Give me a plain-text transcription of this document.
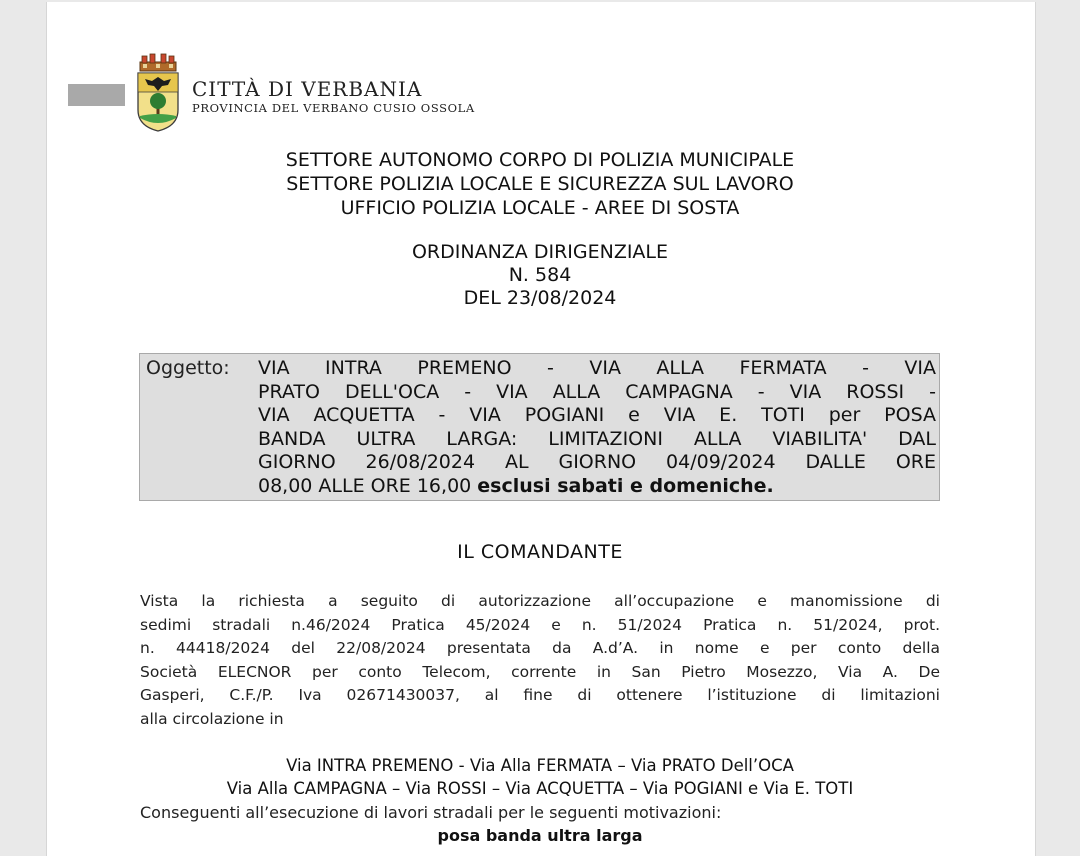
CITTÀ DI VERBANIA
PROVINCIA DEL VERBANO CUSIO OSSOLA
SETTORE AUTONOMO CORPO DI POLIZIA MUNICIPALE
SETTORE POLIZIA LOCALE E SICUREZZA SUL LAVORO
UFFICIO POLIZIA LOCALE - AREE DI SOSTA
ORDINANZA DIRIGENZIALE
N. 584
DEL 23/08/2024
Oggetto: VIA INTRA PREMENO - VIA ALLA FERMATA - VIA
PRATO DELL'OCA - VIA ALLA CAMPAGNA - VIA ROSSI -
VIA ACQUETTA - VIA POGIANI e VIA E. TOTI per POSA
BANDA ULTRA LARGA: LIMITAZIONI ALLA VIABILITA' DAL
GIORNO 26/08/2024 AL GIORNO 04/09/2024 DALLE ORE
08,00 ALLE ORE 16,00 esclusi sabati e domeniche.
IL COMANDANTE
Vista la richiesta a seguito di autorizzazione all’occupazione e manomissione di
sedimi stradali n.46/2024 Pratica 45/2024 e n. 51/2024 Pratica n. 51/2024, prot.
n. 44418/2024 del 22/08/2024 presentata da A.d’A. in nome e per conto della
Società ELECNOR per conto Telecom, corrente in San Pietro Mosezzo, Via A. De
Gasperi, C.F./P. Iva 02671430037, al fine di ottenere l’istituzione di limitazioni
alla circolazione in
Via INTRA PREMENO - Via Alla FERMATA – Via PRATO Dell’OCA
Via Alla CAMPAGNA – Via ROSSI – Via ACQUETTA – Via POGIANI e Via E. TOTI
Conseguenti all’esecuzione di lavori stradali per le seguenti motivazioni:
posa banda ultra larga
